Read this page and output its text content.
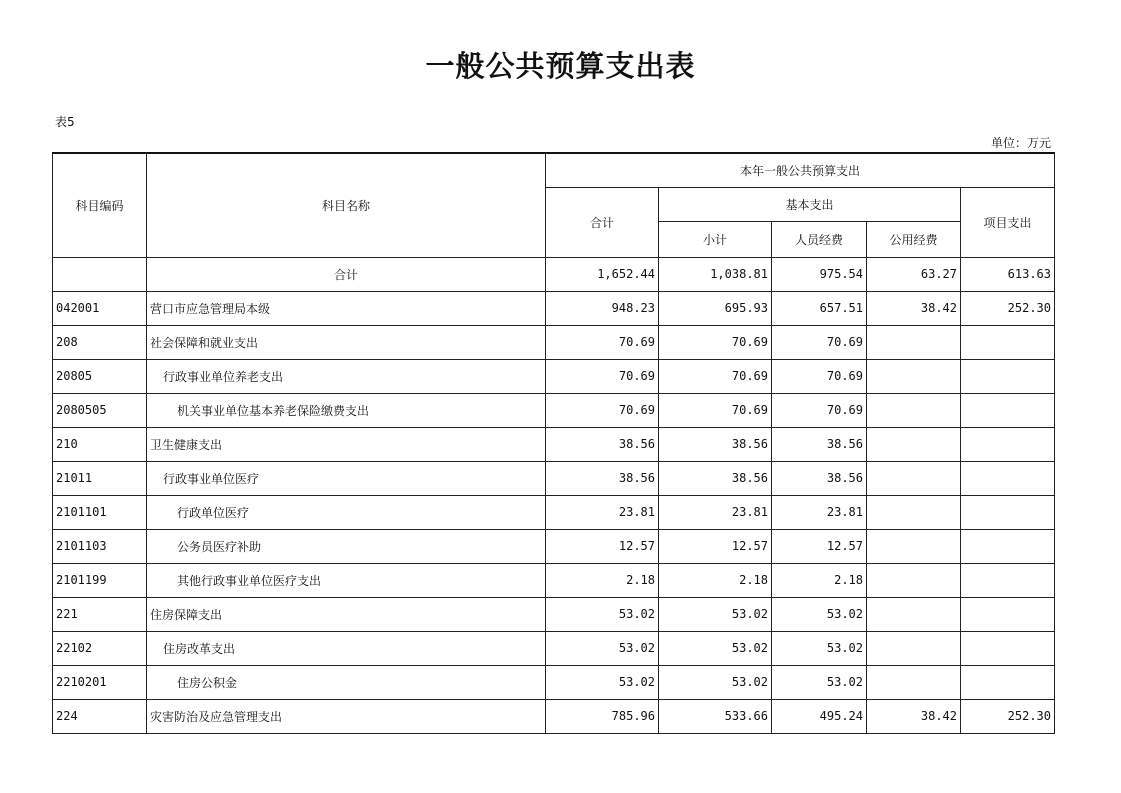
一般公共预算支出表
表5
单位：万元
科目编码	科目名称	本年一般公共预算支出				
		合计	基本支出			项目支出
			小计	人员经费	公用经费	
	合计	1,652.44	1,038.81	975.54	63.27	613.63
042001	营口市应急管理局本级	948.23	695.93	657.51	38.42	252.30
208	社会保障和就业支出	70.69	70.69	70.69		
20805	行政事业单位养老支出	70.69	70.69	70.69		
2080505	机关事业单位基本养老保险缴费支出	70.69	70.69	70.69		
210	卫生健康支出	38.56	38.56	38.56		
21011	行政事业单位医疗	38.56	38.56	38.56		
2101101	行政单位医疗	23.81	23.81	23.81		
2101103	公务员医疗补助	12.57	12.57	12.57		
2101199	其他行政事业单位医疗支出	2.18	2.18	2.18		
221	住房保障支出	53.02	53.02	53.02		
22102	住房改革支出	53.02	53.02	53.02		
2210201	住房公积金	53.02	53.02	53.02		
224	灾害防治及应急管理支出	785.96	533.66	495.24	38.42	252.30
